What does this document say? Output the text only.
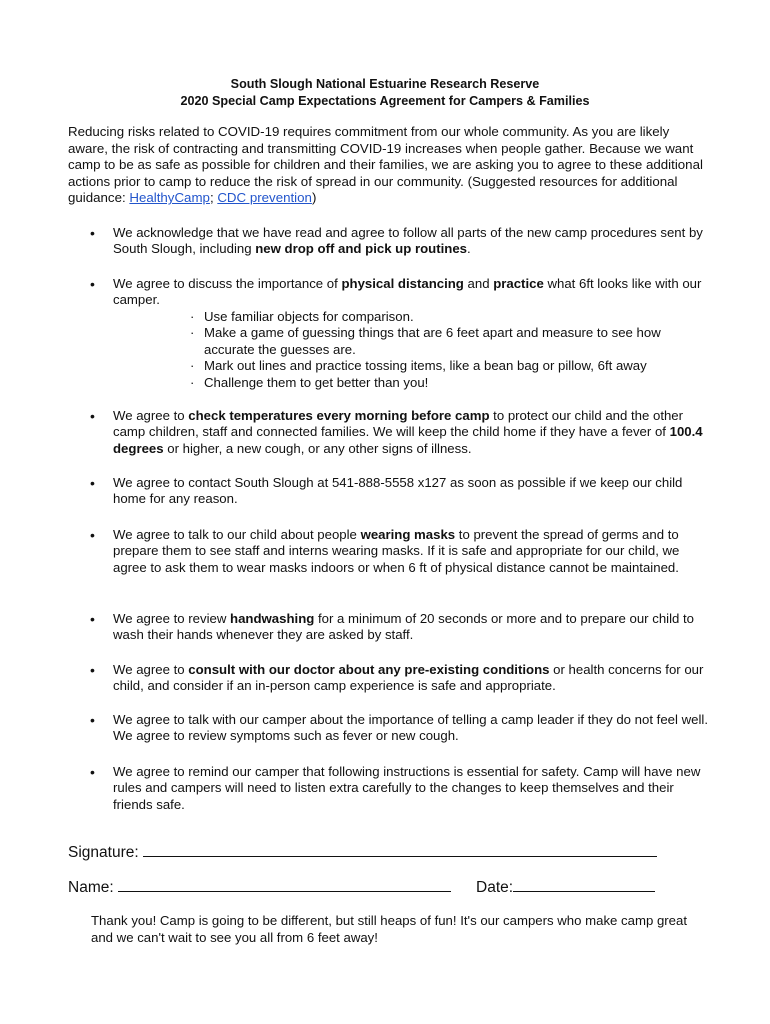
South Slough National Estuarine Research Reserve
2020 Special Camp Expectations Agreement for Campers & Families
Reducing risks related to COVID-19 requires commitment from our whole community. As you are likely aware, the risk of contracting and transmitting COVID-19 increases when people gather. Because we want camp to be as safe as possible for children and their families, we are asking you to agree to these additional actions prior to camp to reduce the risk of spread in our community. (Suggested resources for additional guidance: HealthyCamp; CDC prevention)
• We acknowledge that we have read and agree to follow all parts of the new camp procedures sent by South Slough, including new drop off and pick up routines.
• We agree to discuss the importance of physical distancing and practice what 6ft looks like with our camper.
· Use familiar objects for comparison.
· Make a game of guessing things that are 6 feet apart and measure to see how accurate the guesses are.
· Mark out lines and practice tossing items, like a bean bag or pillow, 6ft away
· Challenge them to get better than you!
• We agree to check temperatures every morning before camp to protect our child and the other camp children, staff and connected families. We will keep the child home if they have a fever of 100.4 degrees or higher, a new cough, or any other signs of illness.
• We agree to contact South Slough at 541-888-5558 x127 as soon as possible if we keep our child home for any reason.
• We agree to talk to our child about people wearing masks to prevent the spread of germs and to prepare them to see staff and interns wearing masks. If it is safe and appropriate for our child, we agree to ask them to wear masks indoors or when 6 ft of physical distance cannot be maintained.
• We agree to review handwashing for a minimum of 20 seconds or more and to prepare our child to wash their hands whenever they are asked by staff.
• We agree to consult with our doctor about any pre-existing conditions or health concerns for our child, and consider if an in-person camp experience is safe and appropriate.
• We agree to talk with our camper about the importance of telling a camp leader if they do not feel well. We agree to review symptoms such as fever or new cough.
• We agree to remind our camper that following instructions is essential for safety. Camp will have new rules and campers will need to listen extra carefully to the changes to keep themselves and their friends safe.
Signature:
Name:	Date:
Thank you! Camp is going to be different, but still heaps of fun! It's our campers who make camp great and we can't wait to see you all from 6 feet away!
